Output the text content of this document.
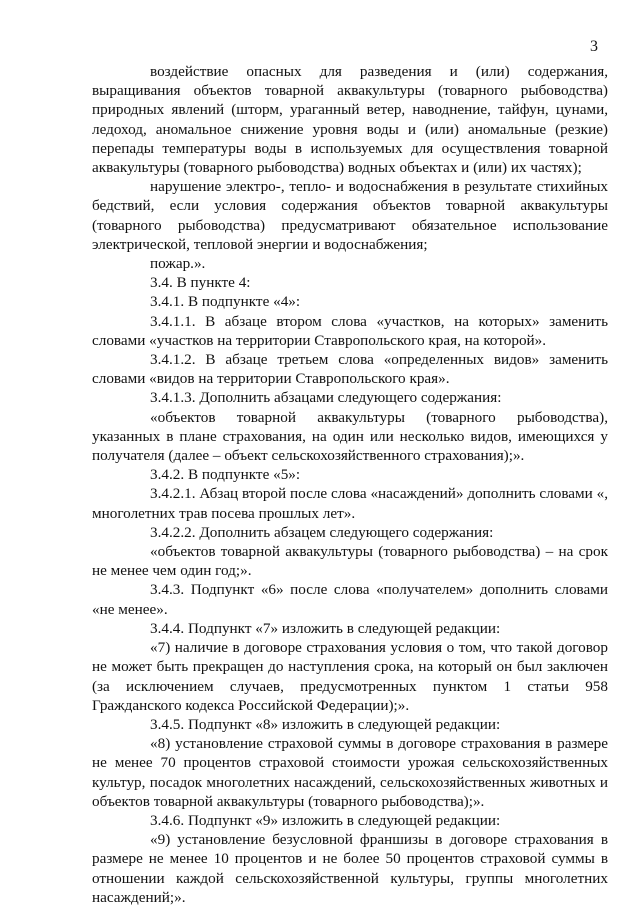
3

воздействие опасных для разведения и (или) содержания, выращивания объектов товарной аквакультуры (товарного рыбоводства) природных явлений (шторм, ураганный ветер, наводнение, тайфун, цунами, ледоход, аномальное снижение уровня воды и (или) аномальные (резкие) перепады температуры воды в используемых для осуществления товарной аквакультуры (товарного рыбоводства) водных объектах и (или) их частях);

нарушение электро-, тепло- и водоснабжения в результате стихийных бедствий, если условия содержания объектов товарной аквакультуры (товарного рыбоводства) предусматривают обязательное использование электрической, тепловой энергии и водоснабжения;

пожар.».

3.4. В пункте 4:

3.4.1. В подпункте «4»:

3.4.1.1. В абзаце втором слова «участков, на которых» заменить словами «участков на территории Ставропольского края, на которой».

3.4.1.2. В абзаце третьем слова «определенных видов» заменить словами «видов на территории Ставропольского края».

3.4.1.3. Дополнить абзацами следующего содержания:

«объектов товарной аквакультуры (товарного рыбоводства), указанных в плане страхования, на один или несколько видов, имеющихся у получателя (далее – объект сельскохозяйственного страхования);».

3.4.2. В подпункте «5»:

3.4.2.1. Абзац второй после слова «насаждений» дополнить словами «, многолетних трав посева прошлых лет».

3.4.2.2. Дополнить абзацем следующего содержания:

«объектов товарной аквакультуры (товарного рыбоводства) – на срок не менее чем один год;».

3.4.3. Подпункт «6» после слова «получателем» дополнить словами «не менее».

3.4.4. Подпункт «7» изложить в следующей редакции:

«7) наличие в договоре страхования условия о том, что такой договор не может быть прекращен до наступления срока, на который он был заключен (за исключением случаев, предусмотренных пунктом 1 статьи 958 Гражданского кодекса Российской Федерации);».

3.4.5. Подпункт «8» изложить в следующей редакции:

«8) установление страховой суммы в договоре страхования в размере не менее 70 процентов страховой стоимости урожая сельскохозяйственных культур, посадок многолетних насаждений, сельскохозяйственных животных и объектов товарной аквакультуры (товарного рыбоводства);».

3.4.6. Подпункт «9» изложить в следующей редакции:

«9) установление безусловной франшизы в договоре страхования в размере не менее 10 процентов и не более 50 процентов страховой суммы в отношении каждой сельскохозяйственной культуры, группы многолетних насаждений;».
